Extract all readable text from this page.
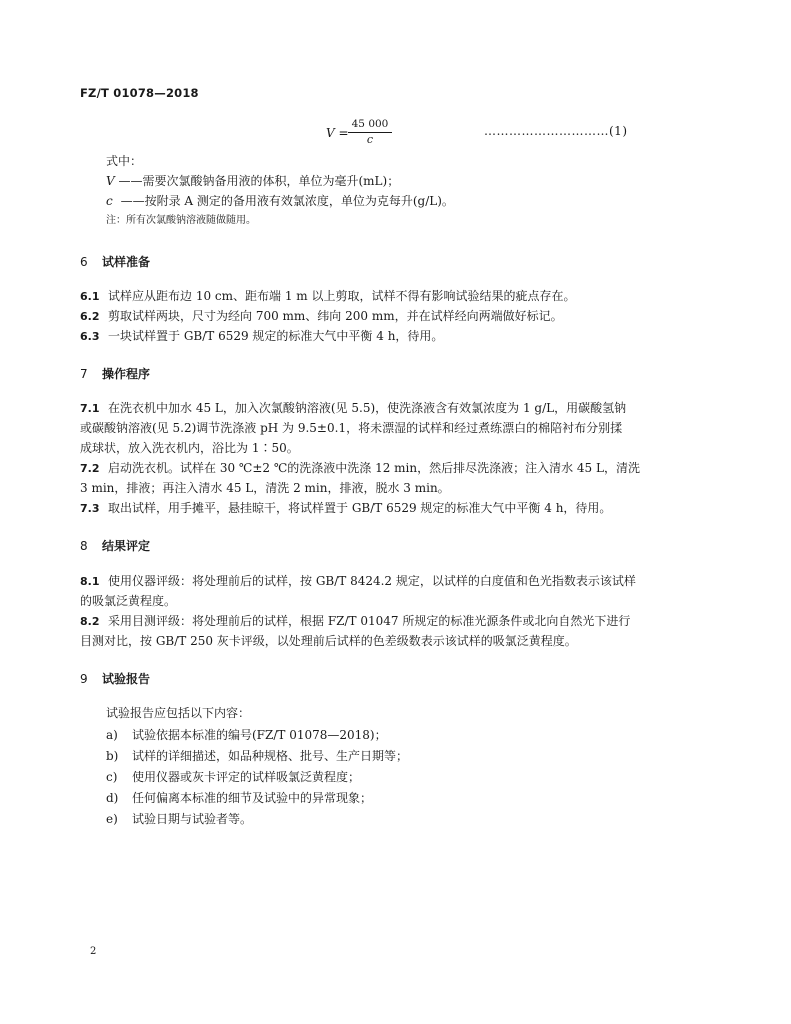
FZ/T 01078—2018
V =
45 000
c
…………………………(1)
式中：
V ——需要次氯酸钠备用液的体积，单位为毫升(mL)；
c ——按附录 A 测定的备用液有效氯浓度，单位为克每升(g/L)。
注：所有次氯酸钠溶液随做随用。
6 试样准备
6.1 试样应从距布边 10 cm、距布端 1 m 以上剪取，试样不得有影响试验结果的疵点存在。
6.2 剪取试样两块，尺寸为经向 700 mm、纬向 200 mm，并在试样经向两端做好标记。
6.3 一块试样置于 GB/T 6529 规定的标准大气中平衡 4 h，待用。
7 操作程序
7.1 在洗衣机中加水 45 L，加入次氯酸钠溶液(见 5.5)，使洗涤液含有效氯浓度为 1 g/L，用碳酸氢钠
或碳酸钠溶液(见 5.2)调节洗涤液 pH 为 9.5±0.1，将未漂湿的试样和经过煮练漂白的棉陪衬布分别揉
成球状，放入洗衣机内，浴比为 1∶50。
7.2 启动洗衣机。试样在 30 ℃±2 ℃的洗涤液中洗涤 12 min，然后排尽洗涤液；注入清水 45 L，清洗
3 min，排液；再注入清水 45 L，清洗 2 min，排液，脱水 3 min。
7.3 取出试样，用手摊平，悬挂晾干，将试样置于 GB/T 6529 规定的标准大气中平衡 4 h，待用。
8 结果评定
8.1 使用仪器评级：将处理前后的试样，按 GB/T 8424.2 规定，以试样的白度值和色光指数表示该试样
的吸氯泛黄程度。
8.2 采用目测评级：将处理前后的试样，根据 FZ/T 01047 所规定的标准光源条件或北向自然光下进行
目测对比，按 GB/T 250 灰卡评级，以处理前后试样的色差级数表示该试样的吸氯泛黄程度。
9 试验报告
试验报告应包括以下内容：
a) 试验依据本标准的编号(FZ/T 01078—2018)；
b) 试样的详细描述，如品种规格、批号、生产日期等；
c) 使用仪器或灰卡评定的试样吸氯泛黄程度；
d) 任何偏离本标准的细节及试验中的异常现象；
e) 试验日期与试验者等。
2
